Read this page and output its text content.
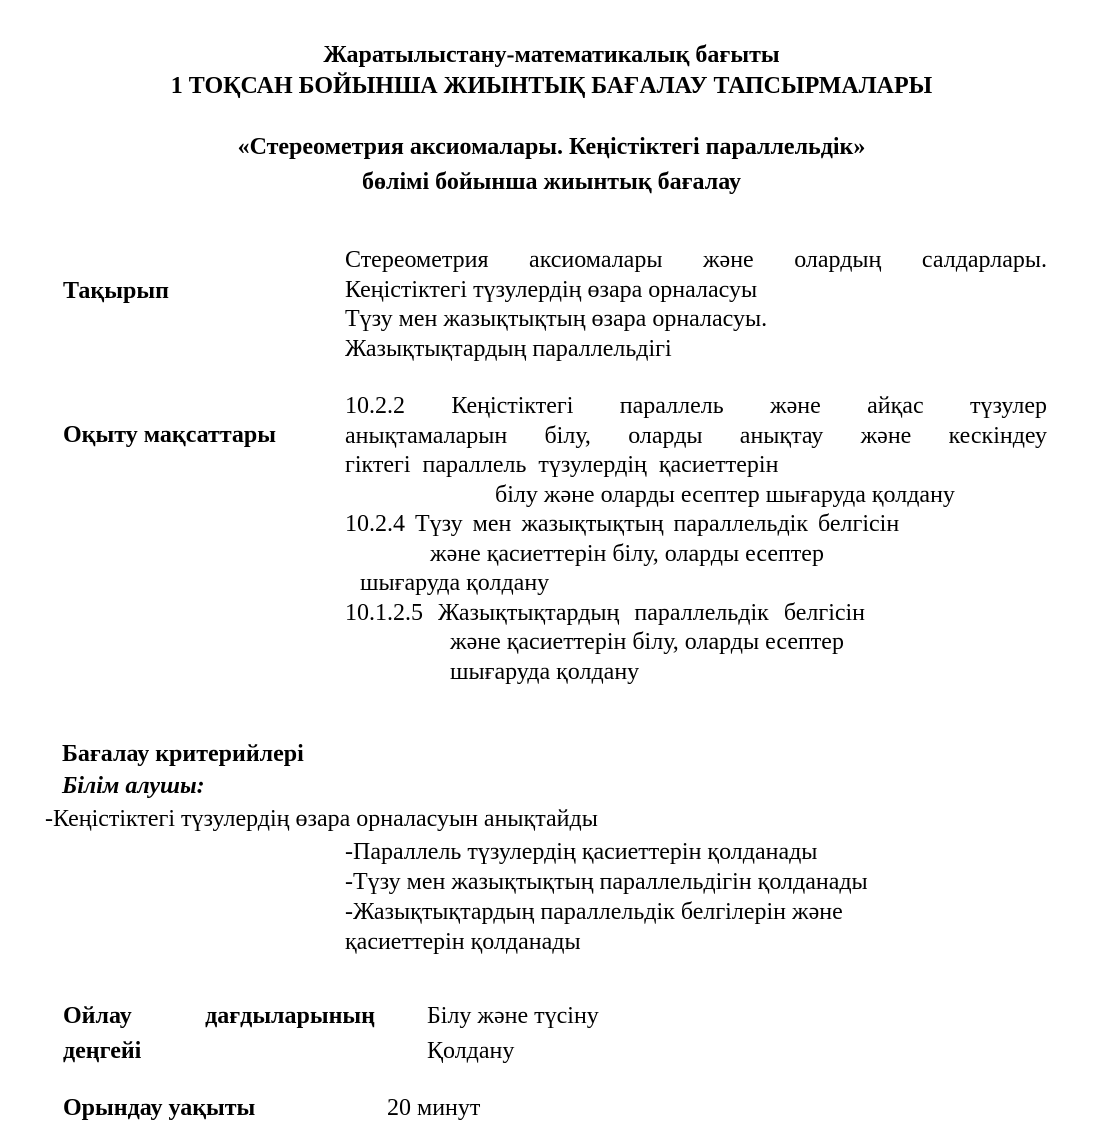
Жаратылыстану-математикалық бағыты
1 ТОҚСАН БОЙЫНША ЖИЫНТЫҚ БАҒАЛАУ ТАПСЫРМАЛАРЫ
«Стереометрия аксиомалары. Кеңістіктегі параллельдік»
бөлімі бойынша жиынтық бағалау
Тақырып
Стереометрия аксиомалары және олардың салдарлары.
Кеңістіктегі түзулердің өзара орналасуы
Түзу мен жазықтықтың өзара орналасуы.
Жазықтықтардың параллельдігі
Оқыту мақсаттары
10.2.2 Кеңістіктегі параллель және айқас түзулер
анықтамаларын білу, оларды анықтау және кескіндеу
гіктегі параллель түзулердің қасиеттерін
білу және оларды есептер шығаруда қолдану
10.2.4 Түзу мен жазықтықтың параллельдік белгісін
және қасиеттерін білу, оларды есептер
шығаруда қолдану
10.1.2.5 Жазықтықтардың параллельдік белгісін
және қасиеттерін білу, оларды есептер
шығаруда қолдану
Бағалау критерийлері
Білім алушы:
-Кеңістіктегі түзулердің өзара орналасуын анықтайды
-Параллель түзулердің қасиеттерін қолданады
-Түзу мен жазықтықтың параллельдігін қолданады
-Жазықтықтардың параллельдік белгілерін және
қасиеттерін қолданады
Ойлау дағдыларының
деңгейі
Білу және түсіну
Қолдану
Орындау уақыты	20 минут
